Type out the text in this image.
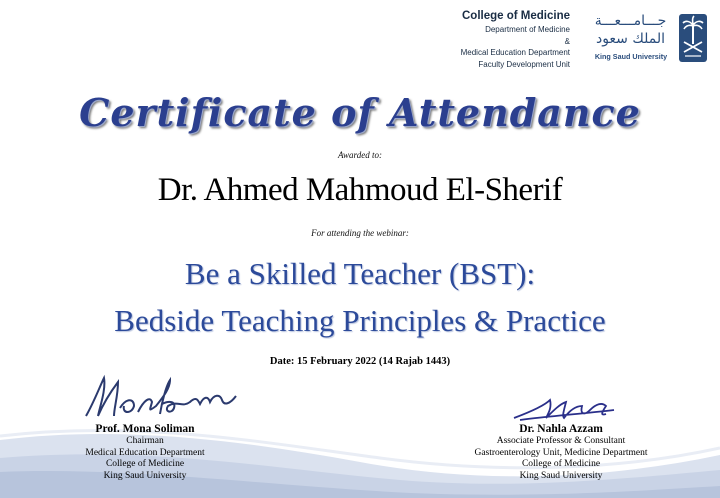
College of Medicine
Department of Medicine
&
Medical Education Department
Faculty Development Unit
جـــامـــعـــة الملك سعود
King Saud University
Certificate of Attendance
Awarded to:
Dr. Ahmed Mahmoud El-Sherif
For attending the webinar:
Be a Skilled Teacher (BST):
Bedside Teaching Principles & Practice
Date: 15 February 2022 (14 Rajab 1443)
Prof. Mona Soliman
Chairman
Medical Education Department
College of Medicine
King Saud University
Dr. Nahla Azzam
Associate Professor & Consultant
Gastroenterology Unit, Medicine Department
College of Medicine
King Saud University
